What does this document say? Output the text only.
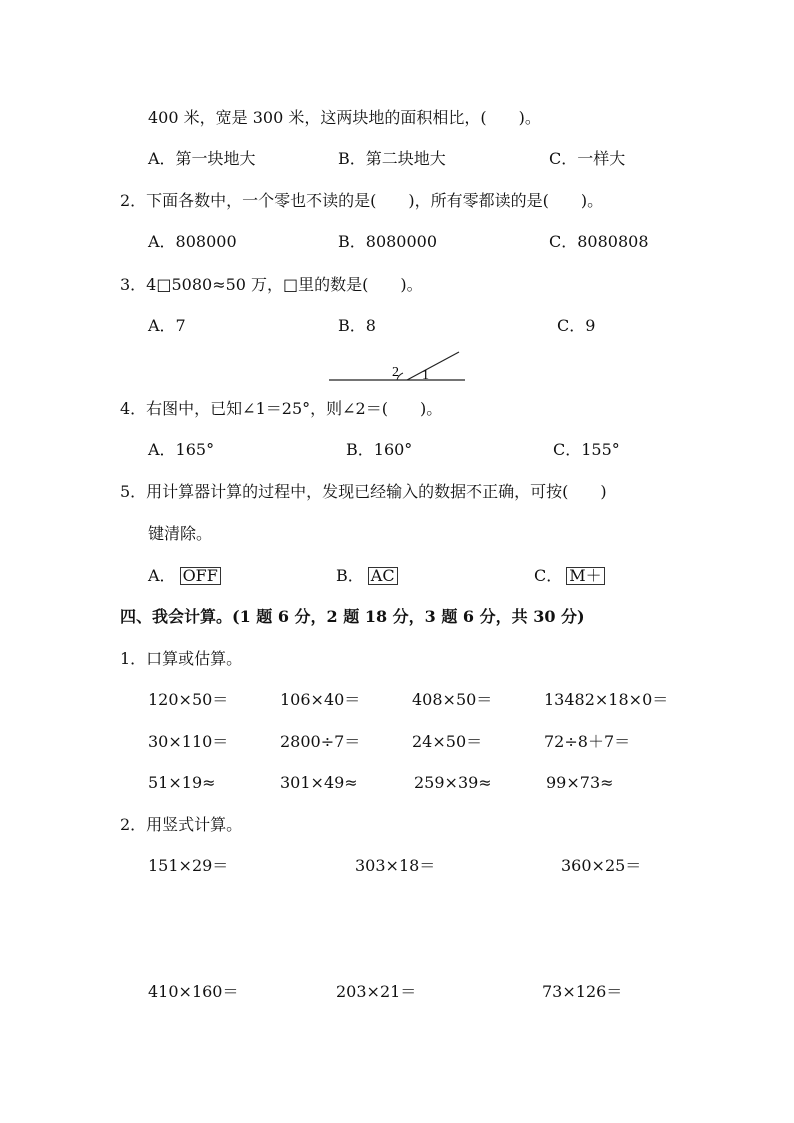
400 米，宽是 300 米，这两块地的面积相比，(　　)。
A．第一块地大	B．第二块地大	C．一样大
2．下面各数中，一个零也不读的是(　　)，所有零都读的是(　　)。
A．808000	B．8080000	C．8080808
3．4□5080≈50 万，□里的数是(　　)。
A．7	B．8	C．9
2 1
4．右图中，已知∠1＝25°，则∠2＝(　　)。
A．165°	B．160°	C．155°
5．用计算器计算的过程中，发现已经输入的数据不正确，可按(　　)
键清除。
A． OFF	B． AC	C． M＋
四、我会计算。(1 题 6 分，2 题 18 分，3 题 6 分，共 30 分)
1．口算或估算。
120×50＝	106×40＝	408×50＝	13482×18×0＝
30×110＝	2800÷7＝	24×50＝	72÷8＋7＝
51×19≈	301×49≈	259×39≈	99×73≈
2．用竖式计算。
151×29＝	303×18＝	360×25＝
410×160＝	203×21＝	73×126＝
